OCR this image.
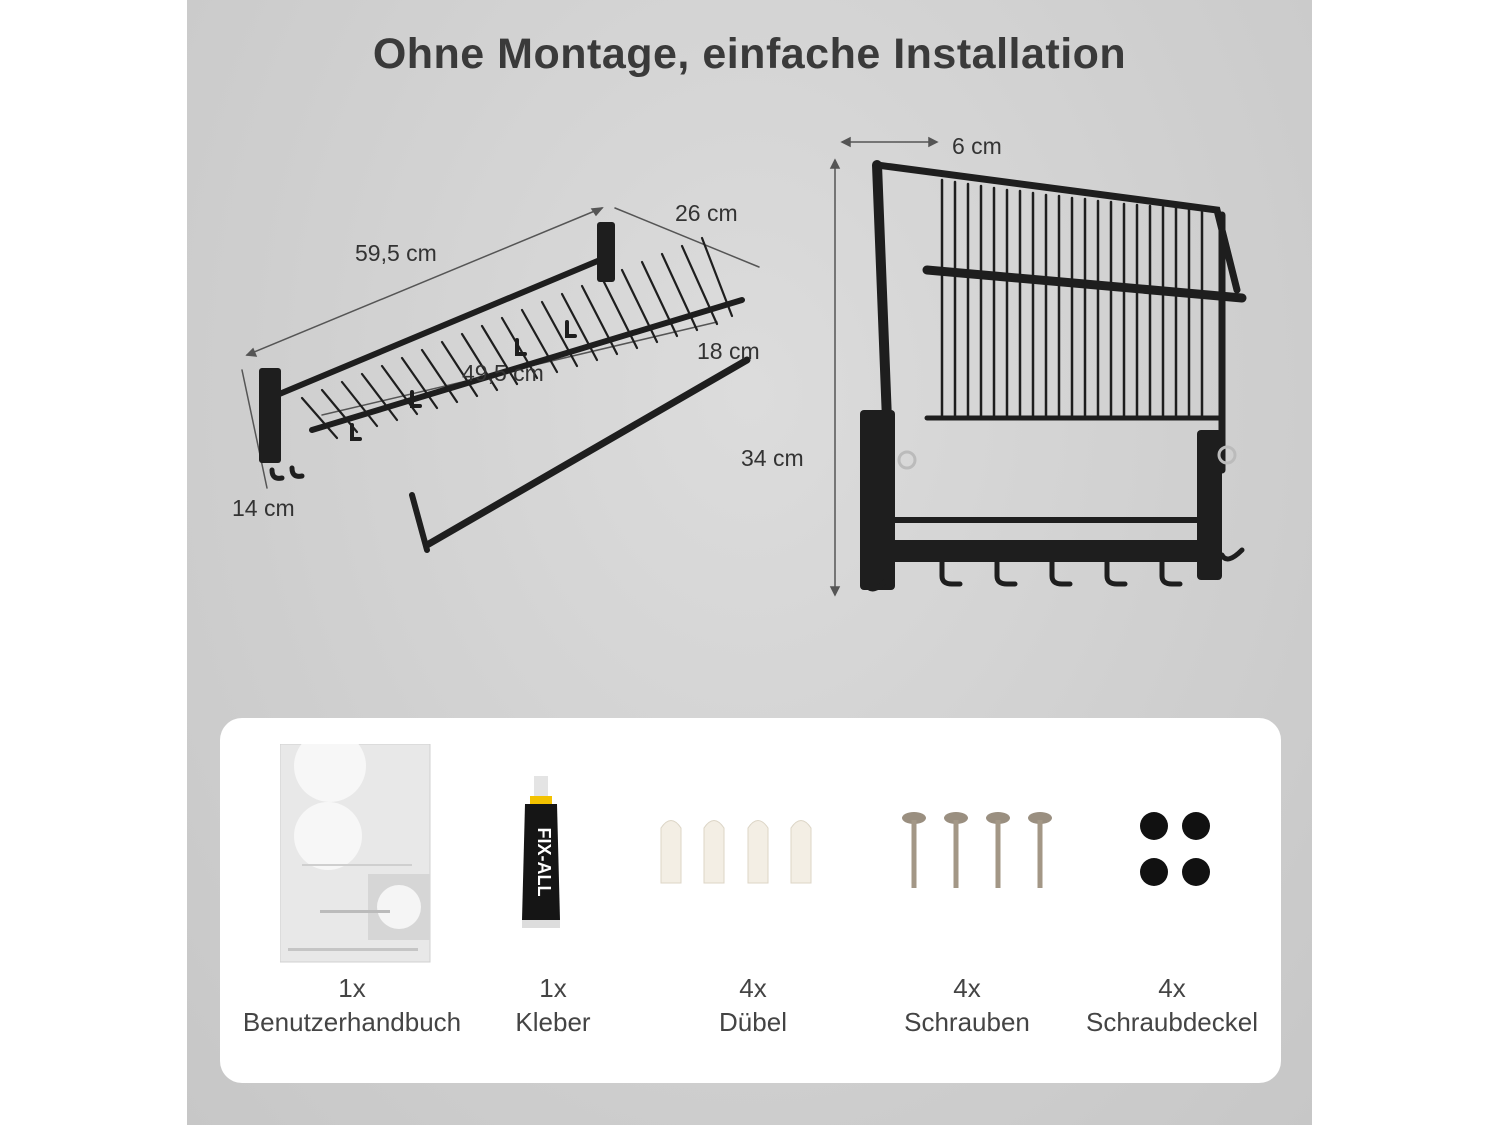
Ohne Montage, einfache Installation
59,5 cm
26 cm
18 cm
49,5 cm
14 cm
6 cm
34 cm
FIX-ALL
1x
Benutzerhandbuch
1x
Kleber
4x
Dübel
4x
Schrauben
4x
Schraubdeckel
